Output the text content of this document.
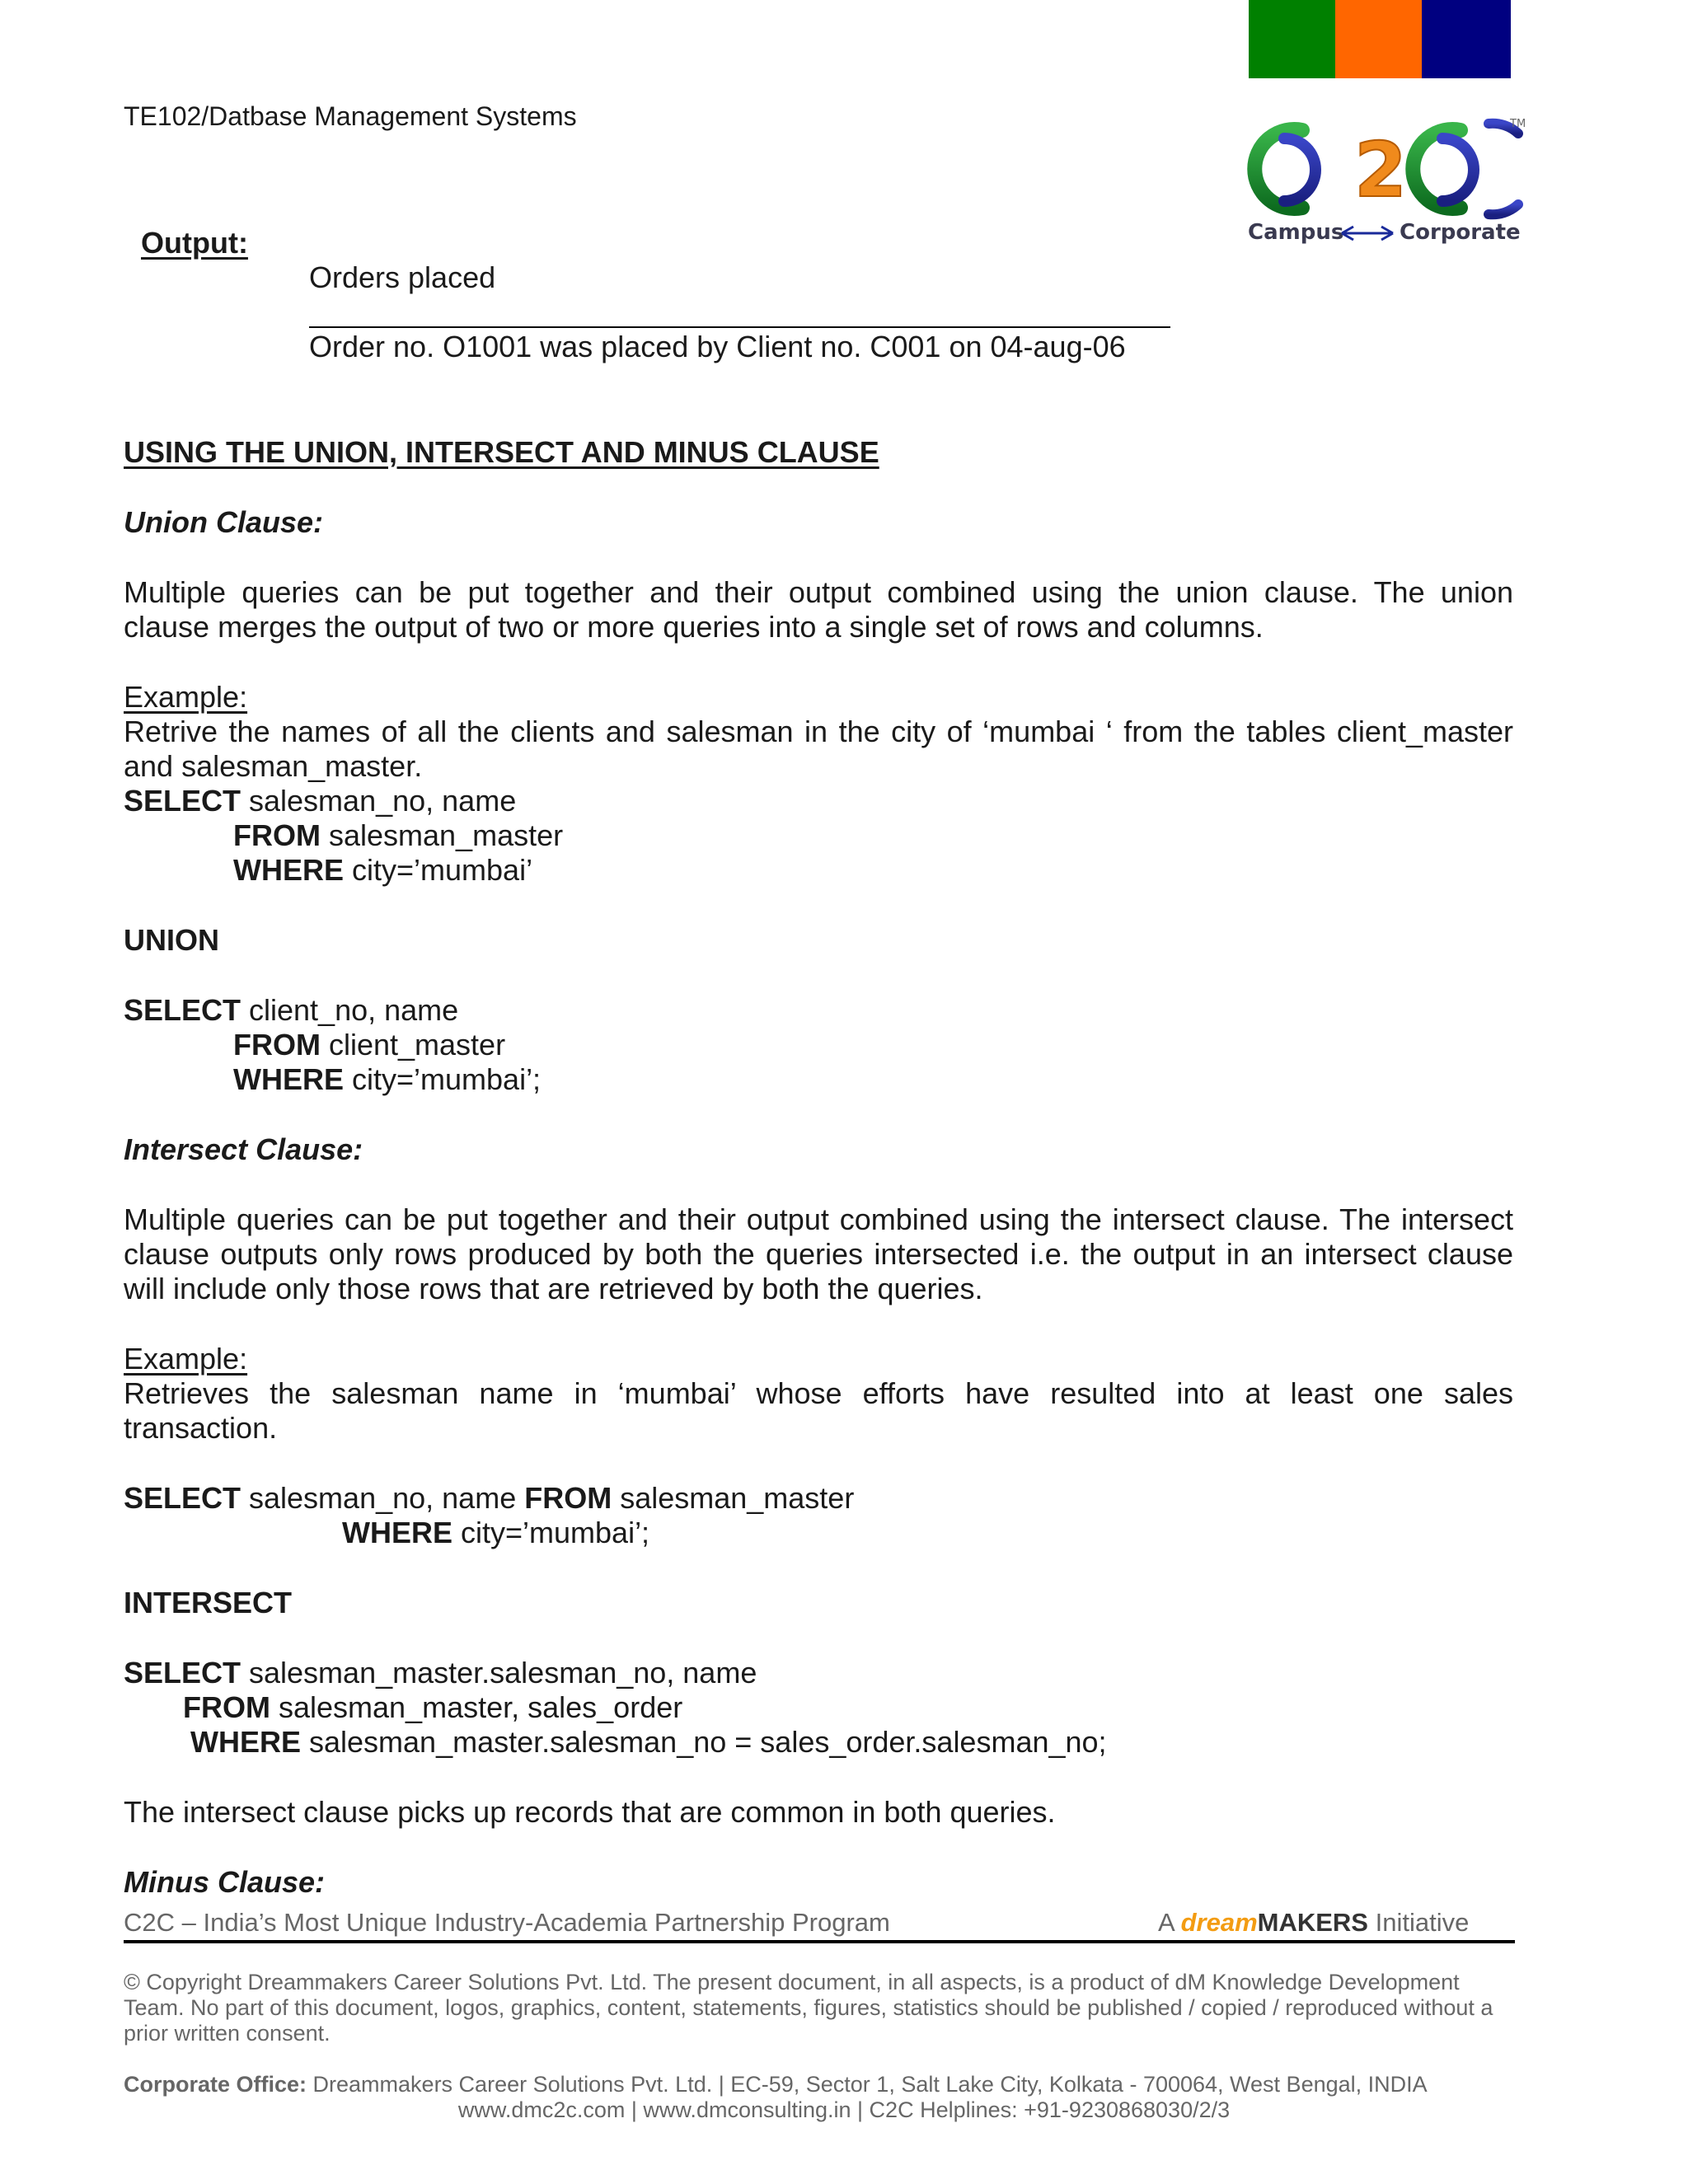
TE102/Datbase Management Systems
2
TM
Campus	Corporate
Output:
Orders placed
Order no. O1001 was placed by Client no. C001 on 04-aug-06
USING THE UNION, INTERSECT AND MINUS CLAUSE
Union Clause:
Multiple queries can be put together and their output combined using the union clause. The union
clause merges the output of two or more queries into a single set of rows and columns.
Example:
Retrive the names of all the clients and salesman in the city of ‘mumbai ‘ from the tables client_master
and salesman_master.
SELECT salesman_no, name
FROM salesman_master
WHERE city=’mumbai’
UNION
SELECT client_no, name
FROM client_master
WHERE city=’mumbai’;
Intersect Clause:
Multiple queries can be put together and their output combined using the intersect clause. The intersect
clause outputs only rows produced by both the queries intersected i.e. the output in an intersect clause
will include only those rows that are retrieved by both the queries.
Example:
Retrieves the salesman name in ‘mumbai’ whose efforts have resulted into at least one sales
transaction.
SELECT salesman_no, name FROM salesman_master
WHERE city=’mumbai’;
INTERSECT
SELECT salesman_master.salesman_no, name
FROM salesman_master, sales_order
WHERE salesman_master.salesman_no = sales_order.salesman_no;
The intersect clause picks up records that are common in both queries.
Minus Clause:
C2C – India’s Most Unique Industry-Academia Partnership Program	A dreamMAKERS Initiative
© Copyright Dreammakers Career Solutions Pvt. Ltd. The present document, in all aspects, is a product of dM Knowledge Development
Team. No part of this document, logos, graphics, content, statements, figures, statistics should be published / copied / reproduced without a
prior written consent.
Corporate Office: Dreammakers Career Solutions Pvt. Ltd. | EC-59, Sector 1, Salt Lake City, Kolkata - 700064, West Bengal, INDIA
www.dmc2c.com | www.dmconsulting.in | C2C Helplines: +91-9230868030/2/3
